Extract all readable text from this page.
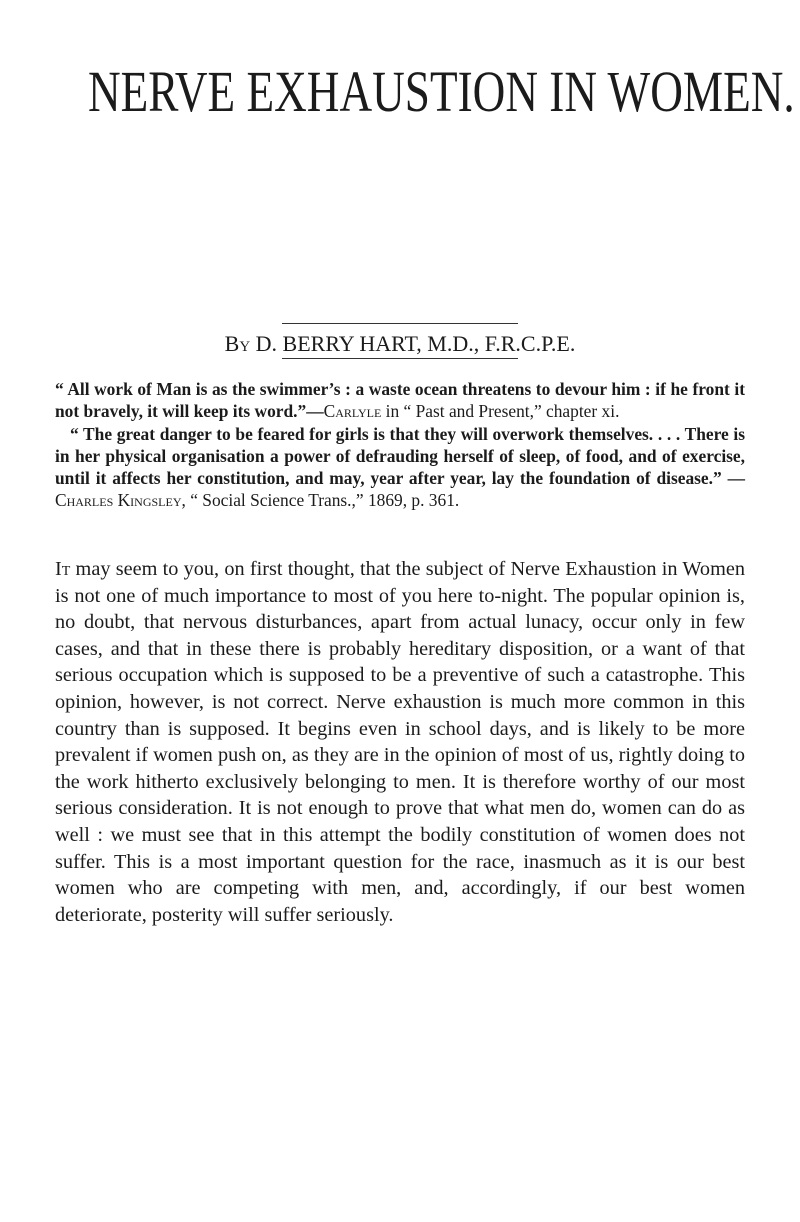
NERVE EXHAUSTION IN WOMEN.
By D. BERRY HART, M.D., F.R.C.P.E.

“ All work of Man is as the swimmer’s : a waste ocean threatens to devour him : if he front it not bravely, it will keep its word.”—Carlyle in “ Past and Present,” chapter xi.

“ The great danger to be feared for girls is that they will overwork themselves. . . . There is in her physical organisation a power of defrauding herself of sleep, of food, and of exercise, until it affects her constitution, and may, year after year, lay the foundation of disease.” —Charles Kingsley, “ Social Science Trans.,” 1869, p. 361.

It may seem to you, on first thought, that the subject of Nerve Exhaustion in Women is not one of much importance to most of you here to-night. The popular opinion is, no doubt, that nervous disturbances, apart from actual lunacy, occur only in few cases, and that in these there is probably hereditary disposition, or a want of that serious occupation which is supposed to be a preventive of such a catastrophe. This opinion, however, is not correct. Nerve exhaustion is much more common in this country than is supposed. It begins even in school days, and is likely to be more prevalent if women push on, as they are in the opinion of most of us, rightly doing to the work hitherto exclusively belonging to men. It is therefore worthy of our most serious consideration. It is not enough to prove that what men do, women can do as well : we must see that in this attempt the bodily constitution of women does not suffer. This is a most important question for the race, inasmuch as it is our best women who are competing with men, and, accordingly, if our best women deteriorate, posterity will suffer seriously.
